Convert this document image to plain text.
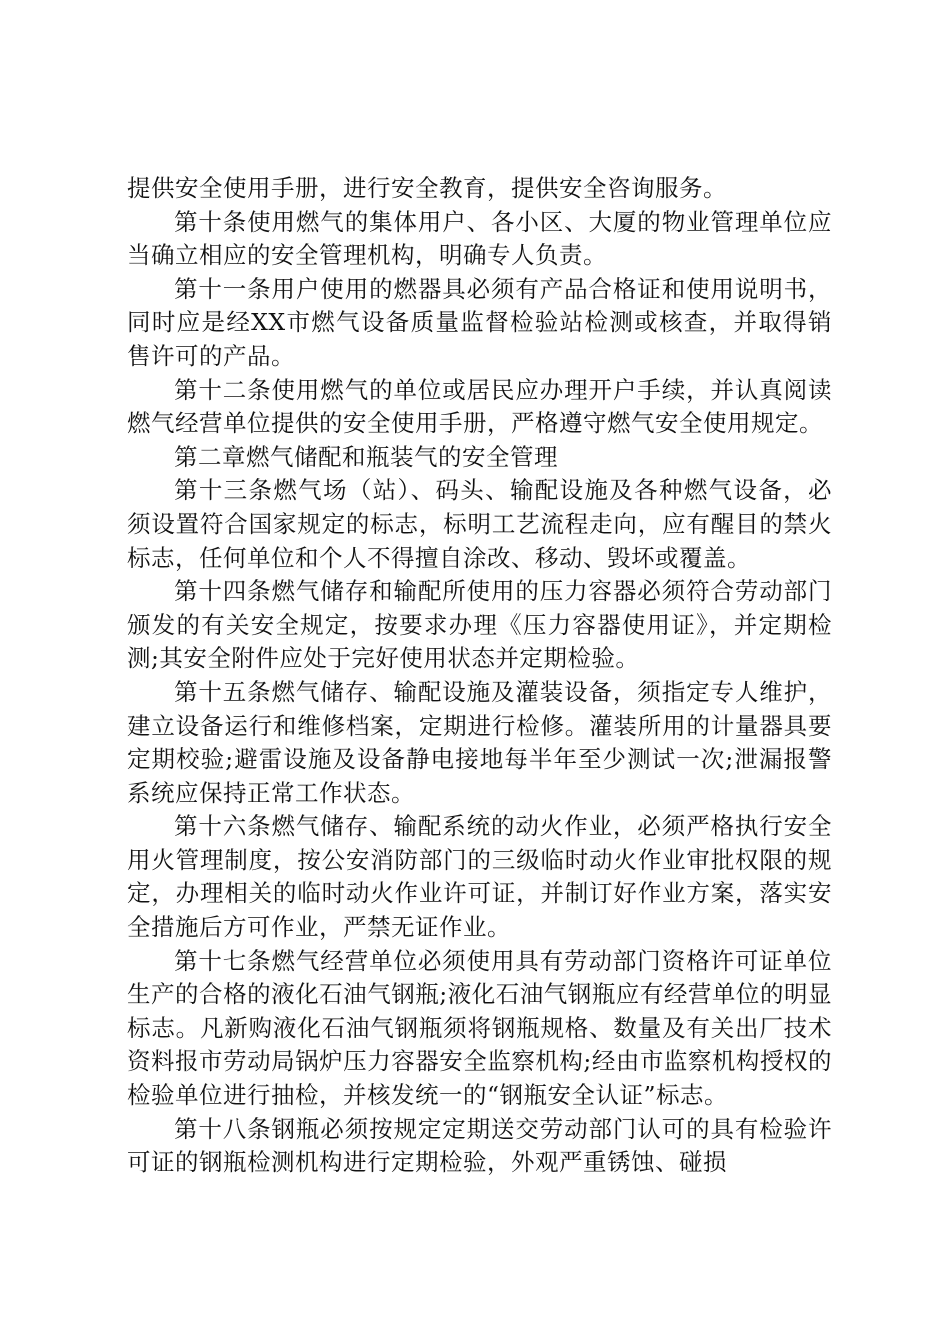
提供安全使用手册，进行安全教育，提供安全咨询服务。

第十条使用燃气的集体用户、各小区、大厦的物业管理单位应当确立相应的安全管理机构，明确专人负责。

第十一条用户使用的燃器具必须有产品合格证和使用说明书，同时应是经XX市燃气设备质量监督检验站检测或核查，并取得销售许可的产品。

第十二条使用燃气的单位或居民应办理开户手续，并认真阅读燃气经营单位提供的安全使用手册，严格遵守燃气安全使用规定。

第二章燃气储配和瓶装气的安全管理

第十三条燃气场（站）、码头、输配设施及各种燃气设备，必须设置符合国家规定的标志，标明工艺流程走向，应有醒目的禁火标志，任何单位和个人不得擅自涂改、移动、毁坏或覆盖。

第十四条燃气储存和输配所使用的压力容器必须符合劳动部门颁发的有关安全规定，按要求办理《压力容器使用证》，并定期检测;其安全附件应处于完好使用状态并定期检验。

第十五条燃气储存、输配设施及灌装设备，须指定专人维护，建立设备运行和维修档案，定期进行检修。灌装所用的计量器具要定期校验;避雷设施及设备静电接地每半年至少测试一次;泄漏报警系统应保持正常工作状态。

第十六条燃气储存、输配系统的动火作业，必须严格执行安全用火管理制度，按公安消防部门的三级临时动火作业审批权限的规定，办理相关的临时动火作业许可证，并制订好作业方案，落实安全措施后方可作业，严禁无证作业。

第十七条燃气经营单位必须使用具有劳动部门资格许可证单位生产的合格的液化石油气钢瓶;液化石油气钢瓶应有经营单位的明显标志。凡新购液化石油气钢瓶须将钢瓶规格、数量及有关出厂技术资料报市劳动局锅炉压力容器安全监察机构;经由市监察机构授权的检验单位进行抽检，并核发统一的“钢瓶安全认证”标志。

第十八条钢瓶必须按规定定期送交劳动部门认可的具有检验许可证的钢瓶检测机构进行定期检验，外观严重锈蚀、碰损
